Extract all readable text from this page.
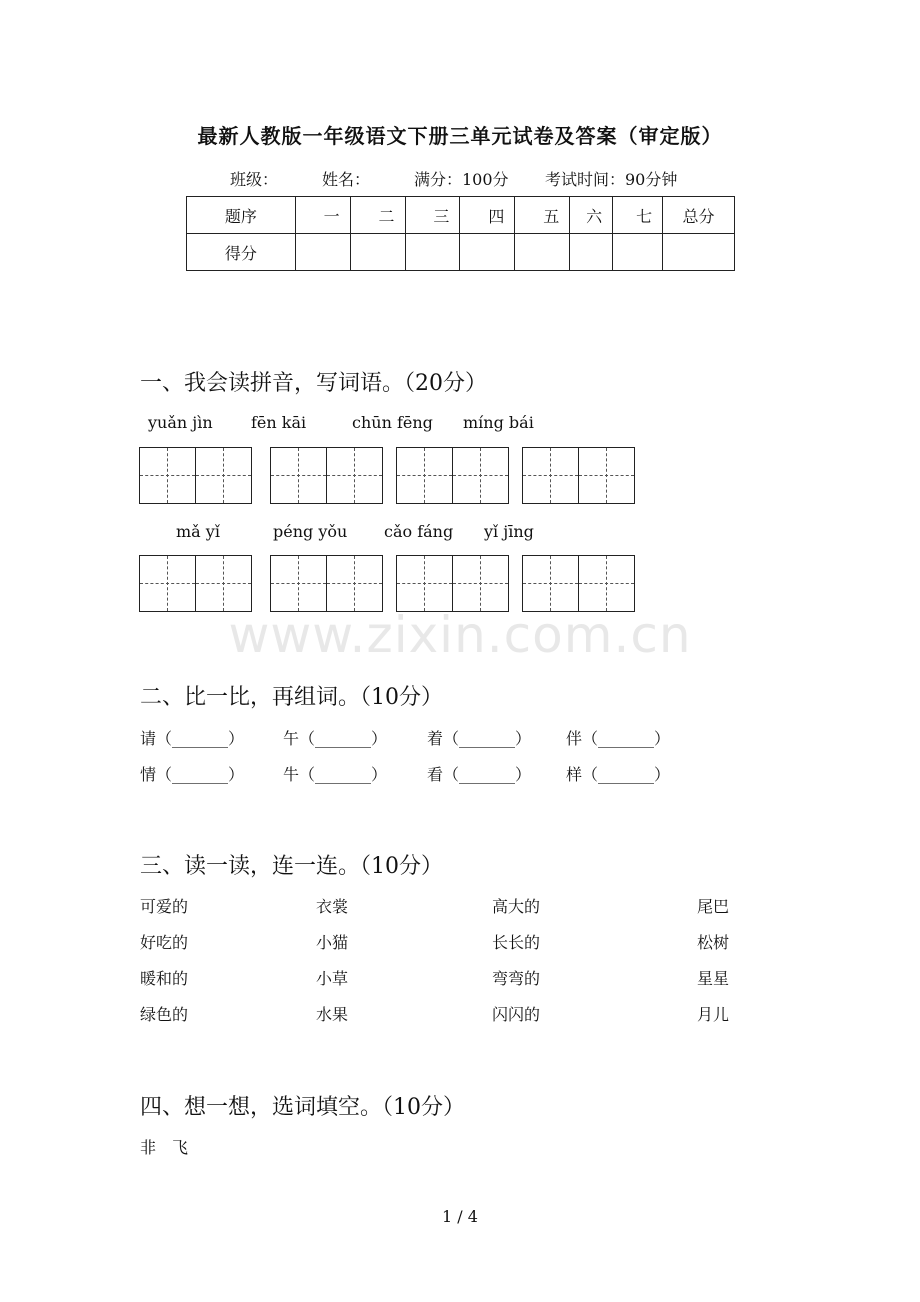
最新人教版一年级语文下册三单元试卷及答案（审定版）
班级：	姓名：	满分：100分 考试时间：90分钟
题序	一	二	三	四	五	六	七	总分
得分								
一、我会读拼音，写词语。（20分）
yuǎn jìn fēn kāi	chūn fēng míng bái
mǎ yǐ	péng yǒu cǎo fáng yǐ jīng
www.zixin.com.cn
二、比一比，再组词。（10分）
请（_______） 午（_______） 着（_______） 伴（_______）
情（_______） 牛（_______） 看（_______） 样（_______）
三、读一读，连一连。（10分）
可爱的	衣裳	高大的	尾巴
好吃的	小猫	长长的	松树
暖和的	小草	弯弯的	星星
绿色的	水果	闪闪的	月儿
四、想一想，选词填空。（10分）
非　飞
1 / 4
